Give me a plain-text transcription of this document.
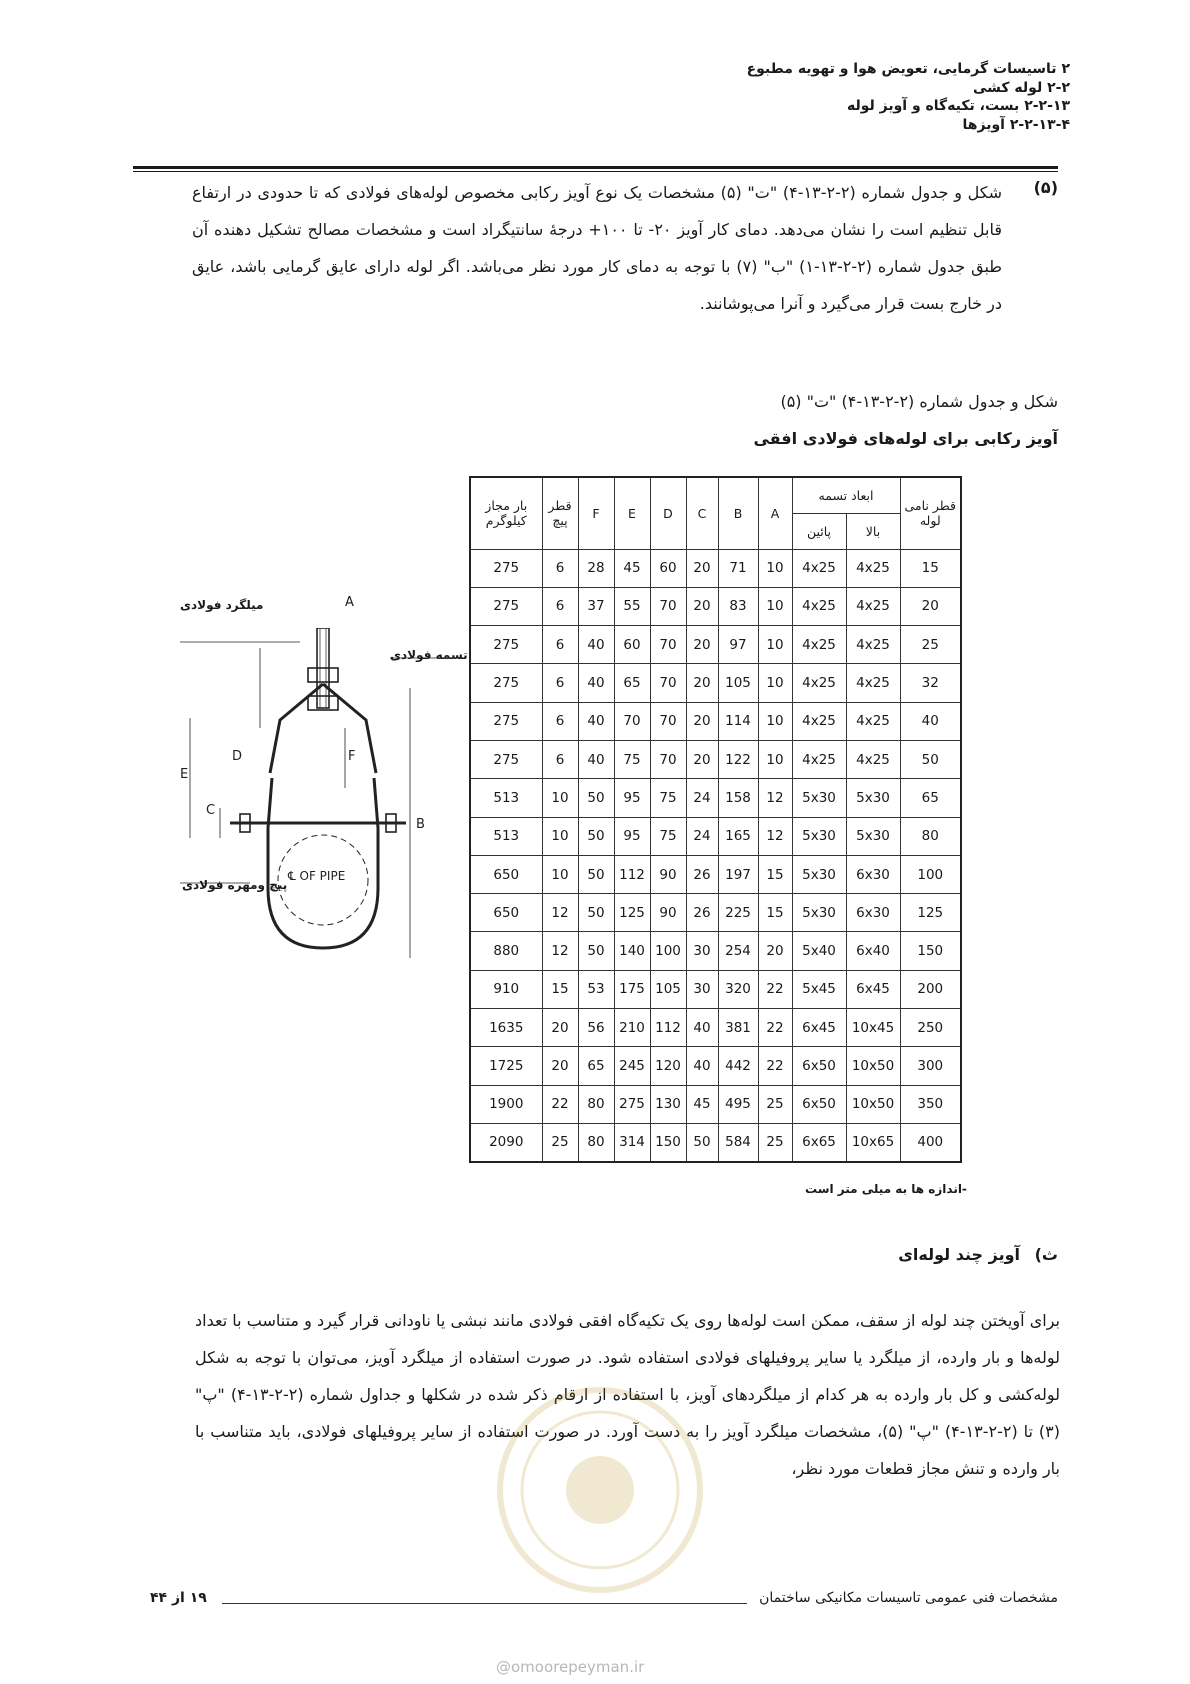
۲ تاسیسات گرمایی، تعویض هوا و تهویه مطبوع
۲-۲ لوله کشی
۲-۲-۱۳ بست، تکیه‌گاه و آویز لوله
۲-۲-۱۳-۴ آویزها
(۵)
شکل و جدول شماره (۲-۲-۱۳-۴) "ت" (۵) مشخصات یک نوع آویز رکابی مخصوص لوله‌های فولادی که تا حدودی در ارتفاع قابل تنظیم است را نشان می‌دهد. دمای کار آویز ۲۰- تا ۱۰۰+ درجهٔ سانتیگراد است و مشخصات مصالح تشکیل دهنده آن طبق جدول شماره (۲-۲-۱۳-۱) "ب" (۷) با توجه به دمای کار مورد نظر می‌باشد. اگر لوله دارای عایق گرمایی باشد، عایق در خارج بست قرار می‌گیرد و آنرا می‌پوشانند.
شکل و جدول شماره (۲-۲-۱۳-۴) "ت" (۵)
آویز رکابی برای لوله‌های فولادی افقی
D	F
E
C
B
℄ OF PIPE
میلگرد فولادی	A
تسمه فولادی
پیچ ومهره فولادی
قطر نامی لوله	ابعاد تسمه		A	B	C	D	E	F	قطر پیچ	بار مجاز کیلوگرم
	بالا	پائین								
15	4x25	4x25	10	71	20	60	45	28	6	275
20	4x25	4x25	10	83	20	70	55	37	6	275
25	4x25	4x25	10	97	20	70	60	40	6	275
32	4x25	4x25	10	105	20	70	65	40	6	275
40	4x25	4x25	10	114	20	70	70	40	6	275
50	4x25	4x25	10	122	20	70	75	40	6	275
65	5x30	5x30	12	158	24	75	95	50	10	513
80	5x30	5x30	12	165	24	75	95	50	10	513
100	6x30	5x30	15	197	26	90	112	50	10	650
125	6x30	5x30	15	225	26	90	125	50	12	650
150	6x40	5x40	20	254	30	100	140	50	12	880
200	6x45	5x45	22	320	30	105	175	53	15	910
250	10x45	6x45	22	381	40	112	210	56	20	1635
300	10x50	6x50	22	442	40	120	245	65	20	1725
350	10x50	6x50	25	495	45	130	275	80	22	1900
400	10x65	6x65	25	584	50	150	314	80	25	2090
-اندازه ها به میلی متر است
ث)
آویز چند لوله‌ای
برای آویختن چند لوله از سقف، ممکن است لوله‌ها روی یک تکیه‌گاه افقی فولادی مانند نبشی یا ناودانی قرار گیرد و متناسب با تعداد لوله‌ها و بار وارده، از میلگرد یا سایر پروفیلهای فولادی استفاده شود. در صورت استفاده از میلگرد آویز، می‌توان با توجه به شکل لوله‌کشی و کل بار وارده به هر کدام از میلگردهای آویز، با استفاده از ارقام ذکر شده در شکلها و جداول شماره (۲-۲-۱۳-۴) "پ" (۳) تا (۲-۲-۱۳-۴) "پ" (۵)، مشخصات میلگرد آویز را به دست آورد. در صورت استفاده از سایر پروفیلهای فولادی، باید متناسب با بار وارده و تنش مجاز قطعات مورد نظر،
مشخصات فنی عمومی تاسیسات مکانیکی ساختمان
۱۹ از ۴۴
@omoorepeyman.ir
